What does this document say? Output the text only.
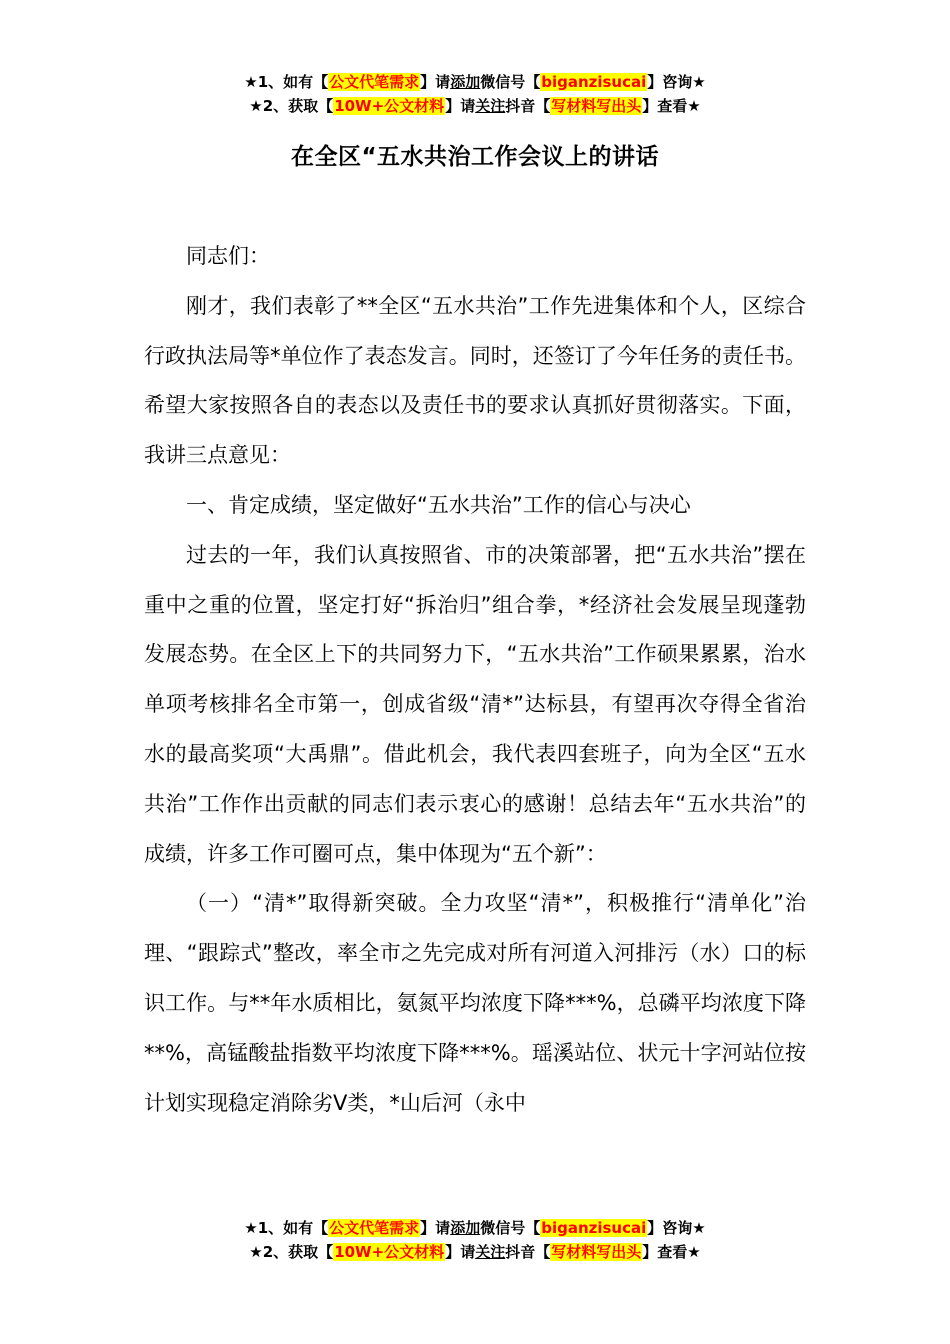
★1、如有【公文代笔需求】请添加微信号【biganzisucai】咨询★
★2、获取【10W+公文材料】请关注抖音【写材料写出头】查看★
在全区“五水共治工作会议上的讲话

同志们：

刚才，我们表彰了**全区“五水共治”工作先进集体和个人，区综合行政执法局等*单位作了表态发言。同时，还签订了今年任务的责任书。希望大家按照各自的表态以及责任书的要求认真抓好贯彻落实。下面，我讲三点意见：

一、肯定成绩，坚定做好“五水共治”工作的信心与决心

过去的一年，我们认真按照省、市的决策部署，把“五水共治”摆在重中之重的位置，坚定打好“拆治归”组合拳，*经济社会发展呈现蓬勃发展态势。在全区上下的共同努力下，“五水共治”工作硕果累累，治水单项考核排名全市第一，创成省级“清*”达标县，有望再次夺得全省治水的最高奖项“大禹鼎”。借此机会，我代表四套班子，向为全区“五水共治”工作作出贡献的同志们表示衷心的感谢！总结去年“五水共治”的成绩，许多工作可圈可点，集中体现为“五个新”：

（一）“清*”取得新突破。全力攻坚“清*”，积极推行“清单化”治理、“跟踪式”整改，率全市之先完成对所有河道入河排污（水）口的标识工作。与**年水质相比，氨氮平均浓度下降***%，总磷平均浓度下降**%，高锰酸盐指数平均浓度下降***%。瑶溪站位、状元十字河站位按计划实现稳定消除劣Ⅴ类，*山后河（永中

★1、如有【公文代笔需求】请添加微信号【biganzisucai】咨询★
★2、获取【10W+公文材料】请关注抖音【写材料写出头】查看★
